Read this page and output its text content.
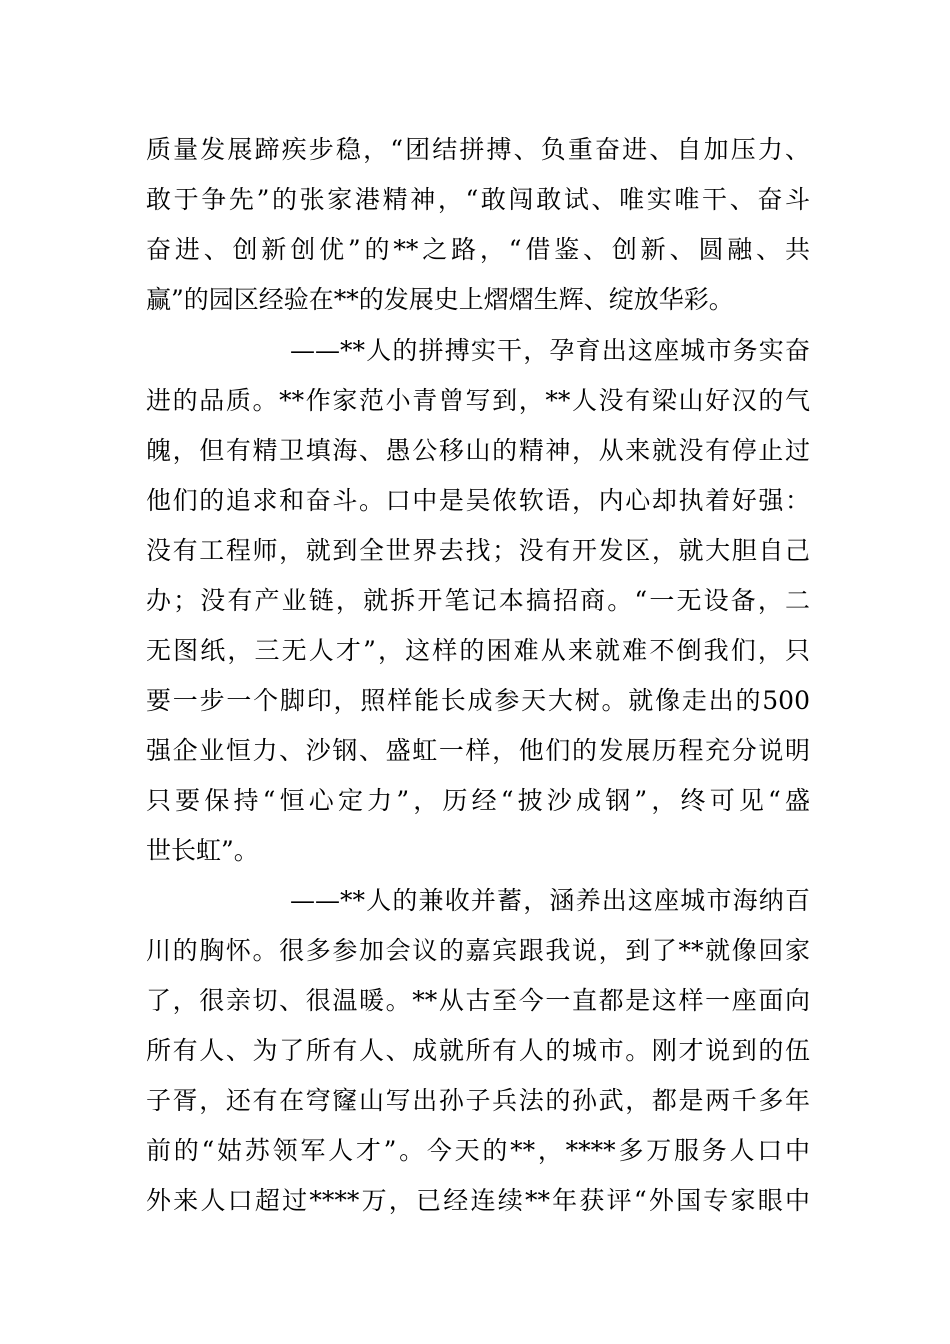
质量发展蹄疾步稳，“团结拼搏、负重奋进、自加压力、
敢于争先”的张家港精神，“敢闯敢试、唯实唯干、奋斗
奋进、创新创优”的**之路，“借鉴、创新、圆融、共
赢”的园区经验在**的发展史上熠熠生辉、绽放华彩。
——**人的拼搏实干，孕育出这座城市务实奋
进的品质。**作家范小青曾写到，**人没有梁山好汉的气
魄，但有精卫填海、愚公移山的精神，从来就没有停止过
他们的追求和奋斗。口中是吴侬软语，内心却执着好强：
没有工程师，就到全世界去找；没有开发区，就大胆自己
办；没有产业链，就拆开笔记本搞招商。“一无设备，二
无图纸，三无人才”，这样的困难从来就难不倒我们，只
要一步一个脚印，照样能长成参天大树。就像走出的500
强企业恒力、沙钢、盛虹一样，他们的发展历程充分说明
只要保持“恒心定力”，历经“披沙成钢”，终可见“盛
世长虹”。
——**人的兼收并蓄，涵养出这座城市海纳百
川的胸怀。很多参加会议的嘉宾跟我说，到了**就像回家
了，很亲切、很温暖。**从古至今一直都是这样一座面向
所有人、为了所有人、成就所有人的城市。刚才说到的伍
子胥，还有在穹窿山写出孙子兵法的孙武，都是两千多年
前的“姑苏领军人才”。今天的**，****多万服务人口中
外来人口超过****万，已经连续**年获评“外国专家眼中
